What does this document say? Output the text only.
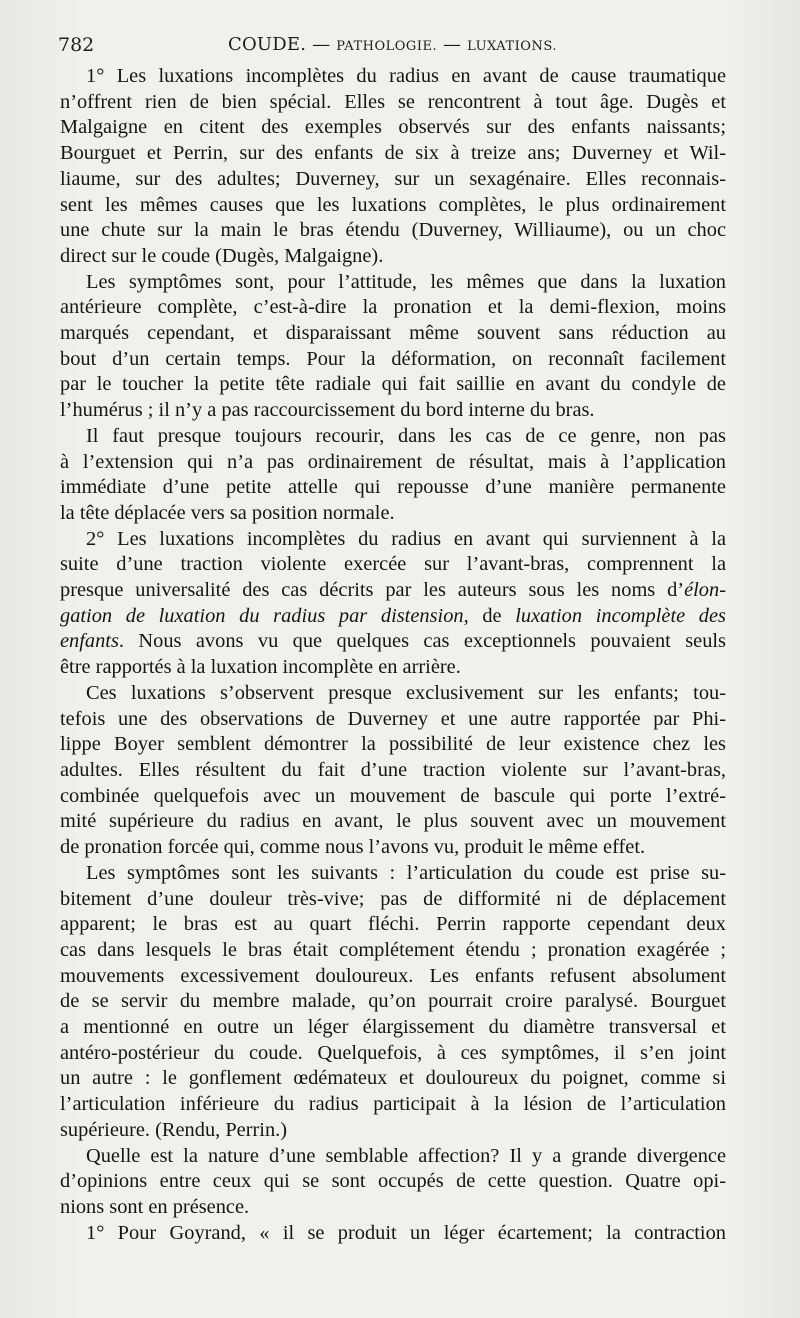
782	COUDE. — PATHOLOGIE. — LUXATIONS.
1° Les luxations incomplètes du radius en avant de cause traumatique
n’offrent rien de bien spécial. Elles se rencontrent à tout âge. Dugès et
Malgaigne en citent des exemples observés sur des enfants naissants;
Bourguet et Perrin, sur des enfants de six à treize ans; Duverney et Wil-
liaume, sur des adultes; Duverney, sur un sexagénaire. Elles reconnais-
sent les mêmes causes que les luxations complètes, le plus ordinairement
une chute sur la main le bras étendu (Duverney, Williaume), ou un choc
direct sur le coude (Dugès, Malgaigne).
Les symptômes sont, pour l’attitude, les mêmes que dans la luxation
antérieure complète, c’est-à-dire la pronation et la demi-flexion, moins
marqués cependant, et disparaissant même souvent sans réduction au
bout d’un certain temps. Pour la déformation, on reconnaît facilement
par le toucher la petite tête radiale qui fait saillie en avant du condyle de
l’humérus ; il n’y a pas raccourcissement du bord interne du bras.
Il faut presque toujours recourir, dans les cas de ce genre, non pas
à l’extension qui n’a pas ordinairement de résultat, mais à l’application
immédiate d’une petite attelle qui repousse d’une manière permanente
la tête déplacée vers sa position normale.
2° Les luxations incomplètes du radius en avant qui surviennent à la
suite d’une traction violente exercée sur l’avant-bras, comprennent la
presque universalité des cas décrits par les auteurs sous les noms d’élon-
gation de luxation du radius par distension, de luxation incomplète des
enfants. Nous avons vu que quelques cas exceptionnels pouvaient seuls
être rapportés à la luxation incomplète en arrière.
Ces luxations s’observent presque exclusivement sur les enfants; tou-
tefois une des observations de Duverney et une autre rapportée par Phi-
lippe Boyer semblent démontrer la possibilité de leur existence chez les
adultes. Elles résultent du fait d’une traction violente sur l’avant-bras,
combinée quelquefois avec un mouvement de bascule qui porte l’extré-
mité supérieure du radius en avant, le plus souvent avec un mouvement
de pronation forcée qui, comme nous l’avons vu, produit le même effet.
Les symptômes sont les suivants : l’articulation du coude est prise su-
bitement d’une douleur très-vive; pas de difformité ni de déplacement
apparent; le bras est au quart fléchi. Perrin rapporte cependant deux
cas dans lesquels le bras était complétement étendu ; pronation exagérée ;
mouvements excessivement douloureux. Les enfants refusent absolument
de se servir du membre malade, qu’on pourrait croire paralysé. Bourguet
a mentionné en outre un léger élargissement du diamètre transversal et
antéro-postérieur du coude. Quelquefois, à ces symptômes, il s’en joint
un autre : le gonflement œdémateux et douloureux du poignet, comme si
l’articulation inférieure du radius participait à la lésion de l’articulation
supérieure. (Rendu, Perrin.)
Quelle est la nature d’une semblable affection? Il y a grande divergence
d’opinions entre ceux qui se sont occupés de cette question. Quatre opi-
nions sont en présence.
1° Pour Goyrand, « il se produit un léger écartement; la contraction
